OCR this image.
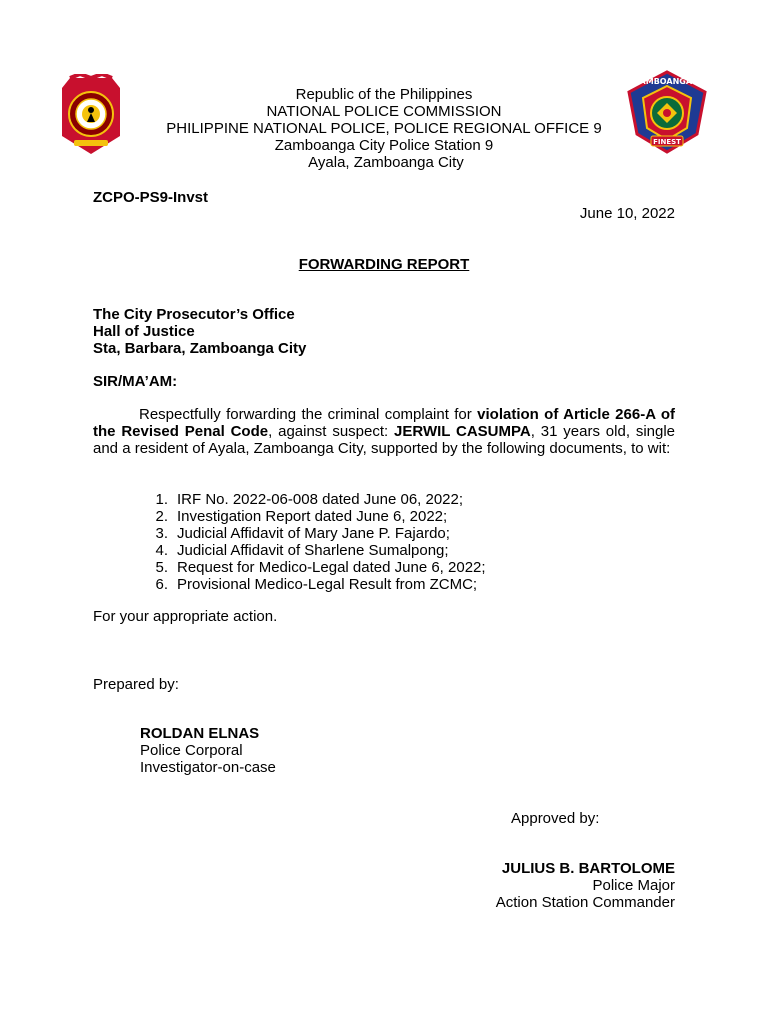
FINEST
ZAMBOANGA'S
Republic of the Philippines
NATIONAL POLICE COMMISSION
PHILIPPINE NATIONAL POLICE, POLICE REGIONAL OFFICE 9
Zamboanga City Police Station 9
Ayala, Zamboanga City
ZCPO-PS9-Invst
June 10, 2022
FORWARDING REPORT
The City Prosecutor’s Office
Hall of Justice
Sta, Barbara, Zamboanga City
SIR/MA’AM:
Respectfully forwarding the criminal complaint for violation of Article 266-A of the Revised Penal Code, against suspect: JERWIL CASUMPA, 31 years old, single and a resident of Ayala, Zamboanga City, supported by the following documents, to wit:
1. IRF No. 2022-06-008 dated June 06, 2022;
2. Investigation Report dated June 6, 2022;
3. Judicial Affidavit of Mary Jane P. Fajardo;
4. Judicial Affidavit of Sharlene Sumalpong;
5. Request for Medico-Legal dated June 6, 2022;
6. Provisional Medico-Legal Result from ZCMC;
For your appropriate action.
Prepared by:
ROLDAN ELNAS
Police Corporal
Investigator-on-case
Approved by:
JULIUS B. BARTOLOME
Police Major
Action Station Commander
